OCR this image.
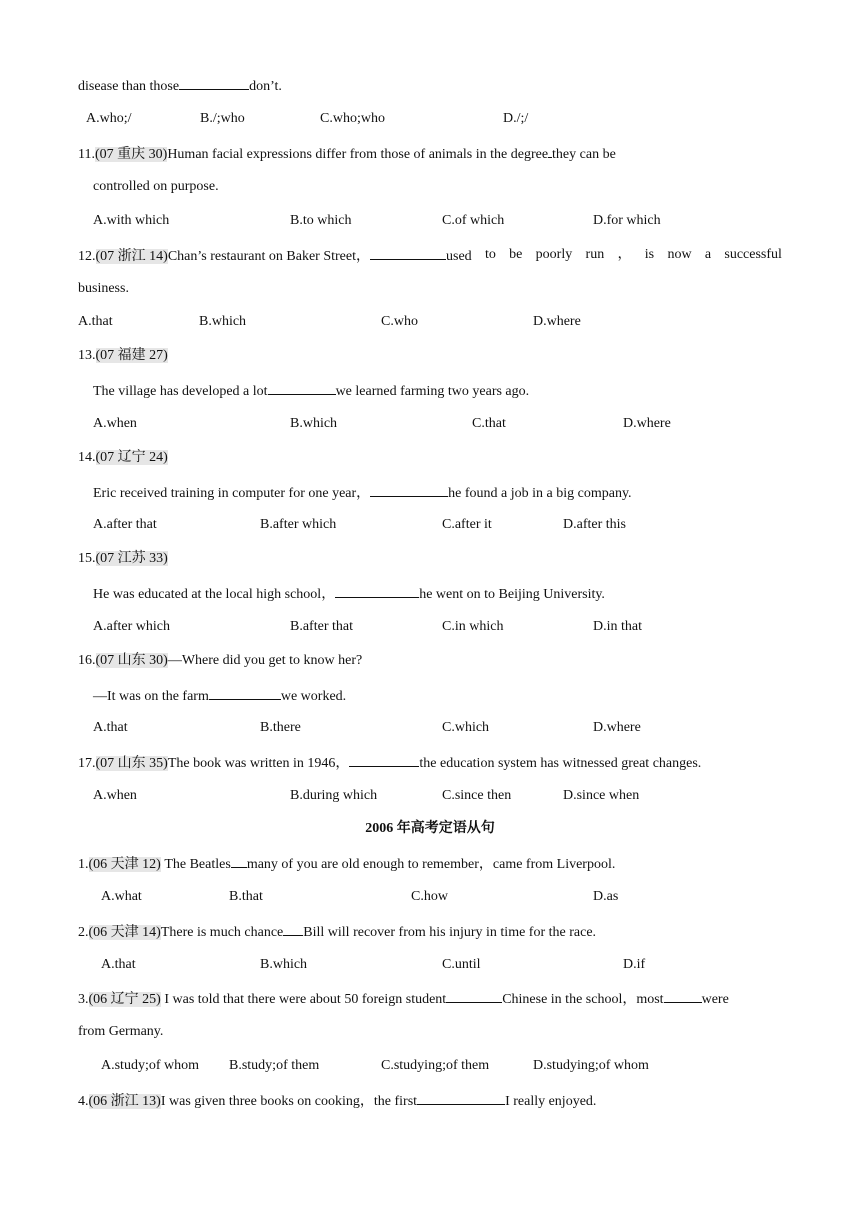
disease than those	don’t.
A.who;/	B./;who	C.who;who	D./;/
11.(07 重庆 30)Human facial expressions differ from those of animals in the degree they can be
controlled on purpose.
A.with which	B.to which	C.of which	D.for which
12.(07 浙江 14)Chan’s restaurant on Baker Street，	used to be poorly run ， is now a successful
business.
A.that	B.which	C.who	D.where
13.(07 福建 27)
The village has developed a lot	we learned farming two years ago.
A.when	B.which	C.that	D.where
14.(07 辽宁 24)
Eric received training in computer for one year，	he found a job in a big company.
A.after that	B.after which	C.after it	D.after this
15.(07 江苏 33)
He was educated at the local high school，	he went on to Beijing University.
A.after which	B.after that	C.in which	D.in that
16.(07 山东 30)—Where did you get to know her?
—It was on the farm	we worked.
A.that	B.there	C.which	D.where
17.(07 山东 35)The book was written in 1946，	the education system has witnessed great changes.
A.when	B.during which	C.since then	D.since when
2006 年高考定语从句
1.(06 天津 12) The Beatles many of you are old enough to remember，came from Liverpool.
A.what	B.that	C.how	D.as
2.(06 天津 14)There is much chance Bill will recover from his injury in time for the race.
A.that	B.which	C.until	D.if
3.(06 辽宁 25) I was told that there were about 50 foreign student	Chinese in the school，most	were
from Germany.
A.study;of whom B.study;of them	C.studying;of them	D.studying;of whom
4.(06 浙江 13)I was given three books on cooking，the first	I really enjoyed.
